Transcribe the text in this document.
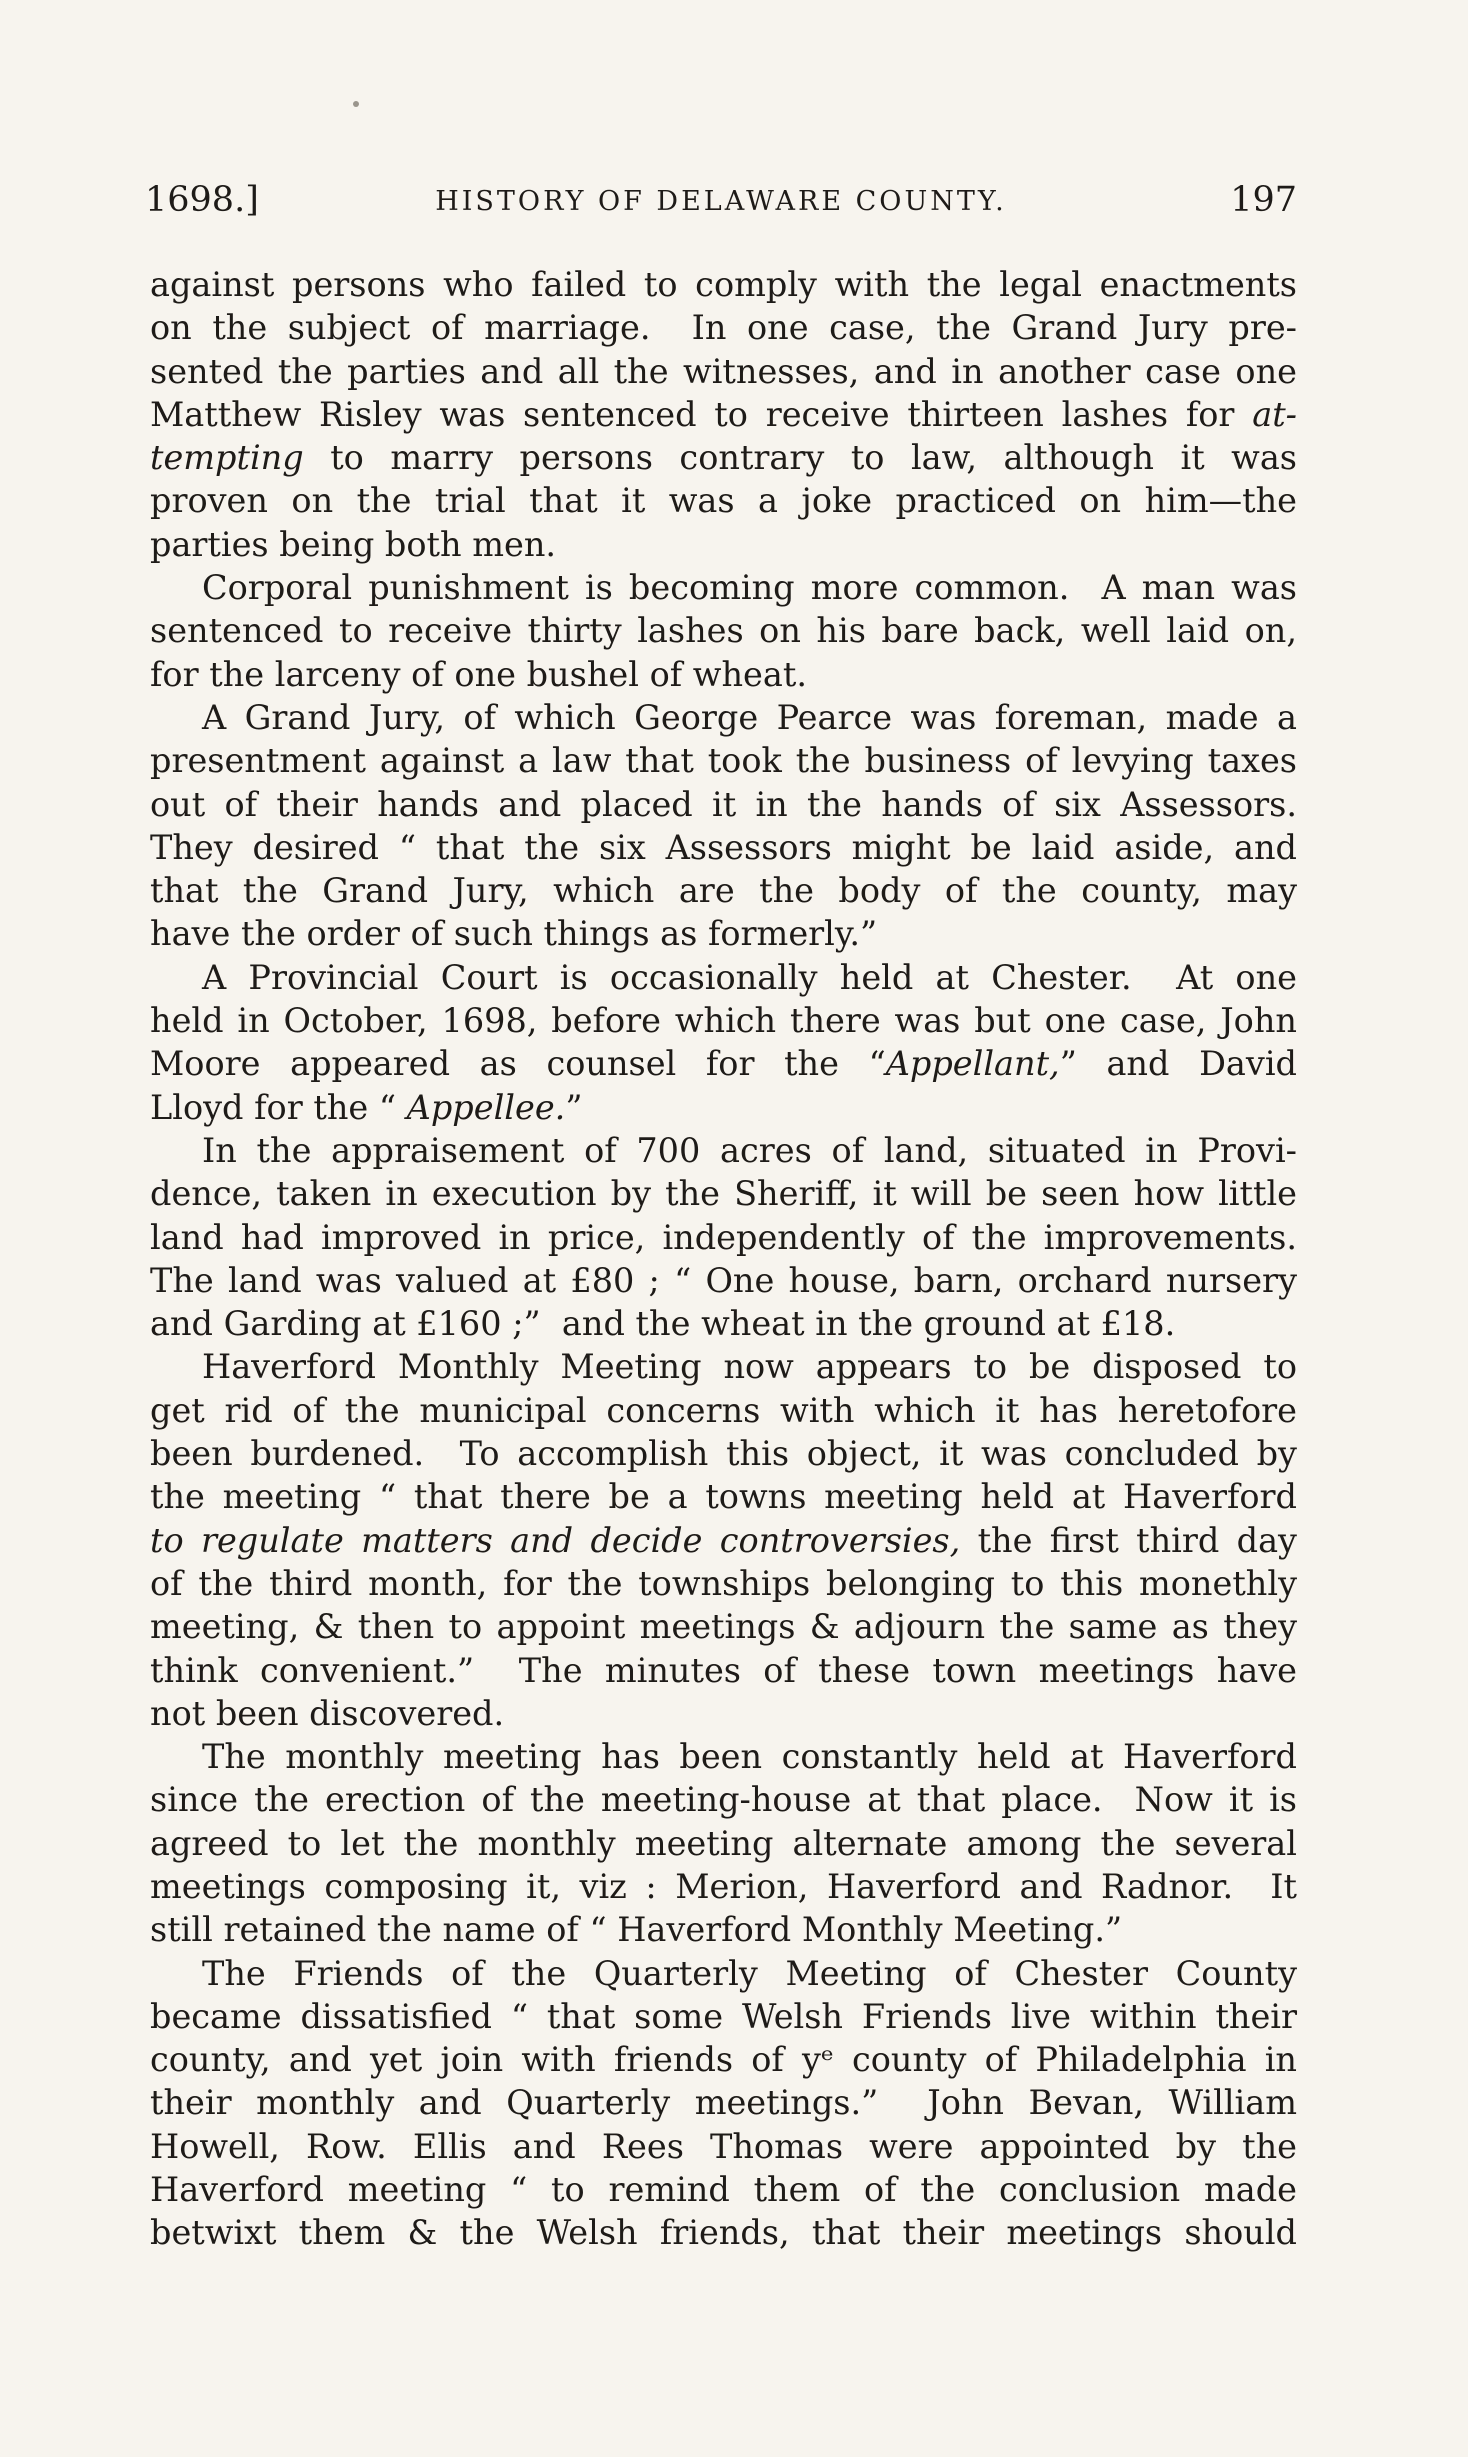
1698.]	HISTORY OF DELAWARE COUNTY.	197
against persons who failed to comply with the legal enactments
on the subject of marriage.  In one case, the Grand Jury pre-
sented the parties and all the witnesses, and in another case one
Matthew Risley was sentenced to receive thirteen lashes for at-
tempting to marry persons contrary to law, although it was
proven on the trial that it was a joke practiced on him—the
parties being both men.
Corporal punishment is becoming more common.  A man was
sentenced to receive thirty lashes on his bare back, well laid on,
for the larceny of one bushel of wheat.
A Grand Jury, of which George Pearce was foreman, made a
presentment against a law that took the business of levying taxes
out of their hands and placed it in the hands of six Assessors.
They desired “ that the six Assessors might be laid aside, and
that the Grand Jury, which are the body of the county, may
have the order of such things as formerly.”
A Provincial Court is occasionally held at Chester.  At one
held in October, 1698, before which there was but one case, John
Moore appeared as counsel for the “Appellant,” and David
Lloyd for the “ Appellee.”
In the appraisement of 700 acres of land, situated in Provi-
dence, taken in execution by the Sheriff, it will be seen how little
land had improved in price, independently of the improvements.
The land was valued at £80 ; “ One house, barn, orchard nursery
and Garding at £160 ;”  and the wheat in the ground at £18.
Haverford Monthly Meeting now appears to be disposed to
get rid of the municipal concerns with which it has heretofore
been burdened.  To accomplish this object, it was concluded by
the meeting “ that there be a towns meeting held at Haverford
to regulate matters and decide controversies, the first third day
of the third month, for the townships belonging to this monethly
meeting, & then to appoint meetings & adjourn the same as they
think convenient.”  The minutes of these town meetings have
not been discovered.
The monthly meeting has been constantly held at Haverford
since the erection of the meeting-house at that place.  Now it is
agreed to let the monthly meeting alternate among the several
meetings composing it, viz : Merion, Haverford and Radnor.  It
still retained the name of “ Haverford Monthly Meeting.”
The Friends of the Quarterly Meeting of Chester County
became dissatisfied “ that some Welsh Friends live within their
county, and yet join with friends of yᵉ county of Philadelphia in
their monthly and Quarterly meetings.”  John Bevan, William
Howell, Row. Ellis and Rees Thomas were appointed by the
Haverford meeting “ to remind them of the conclusion made
betwixt them & the Welsh friends, that their meetings should
